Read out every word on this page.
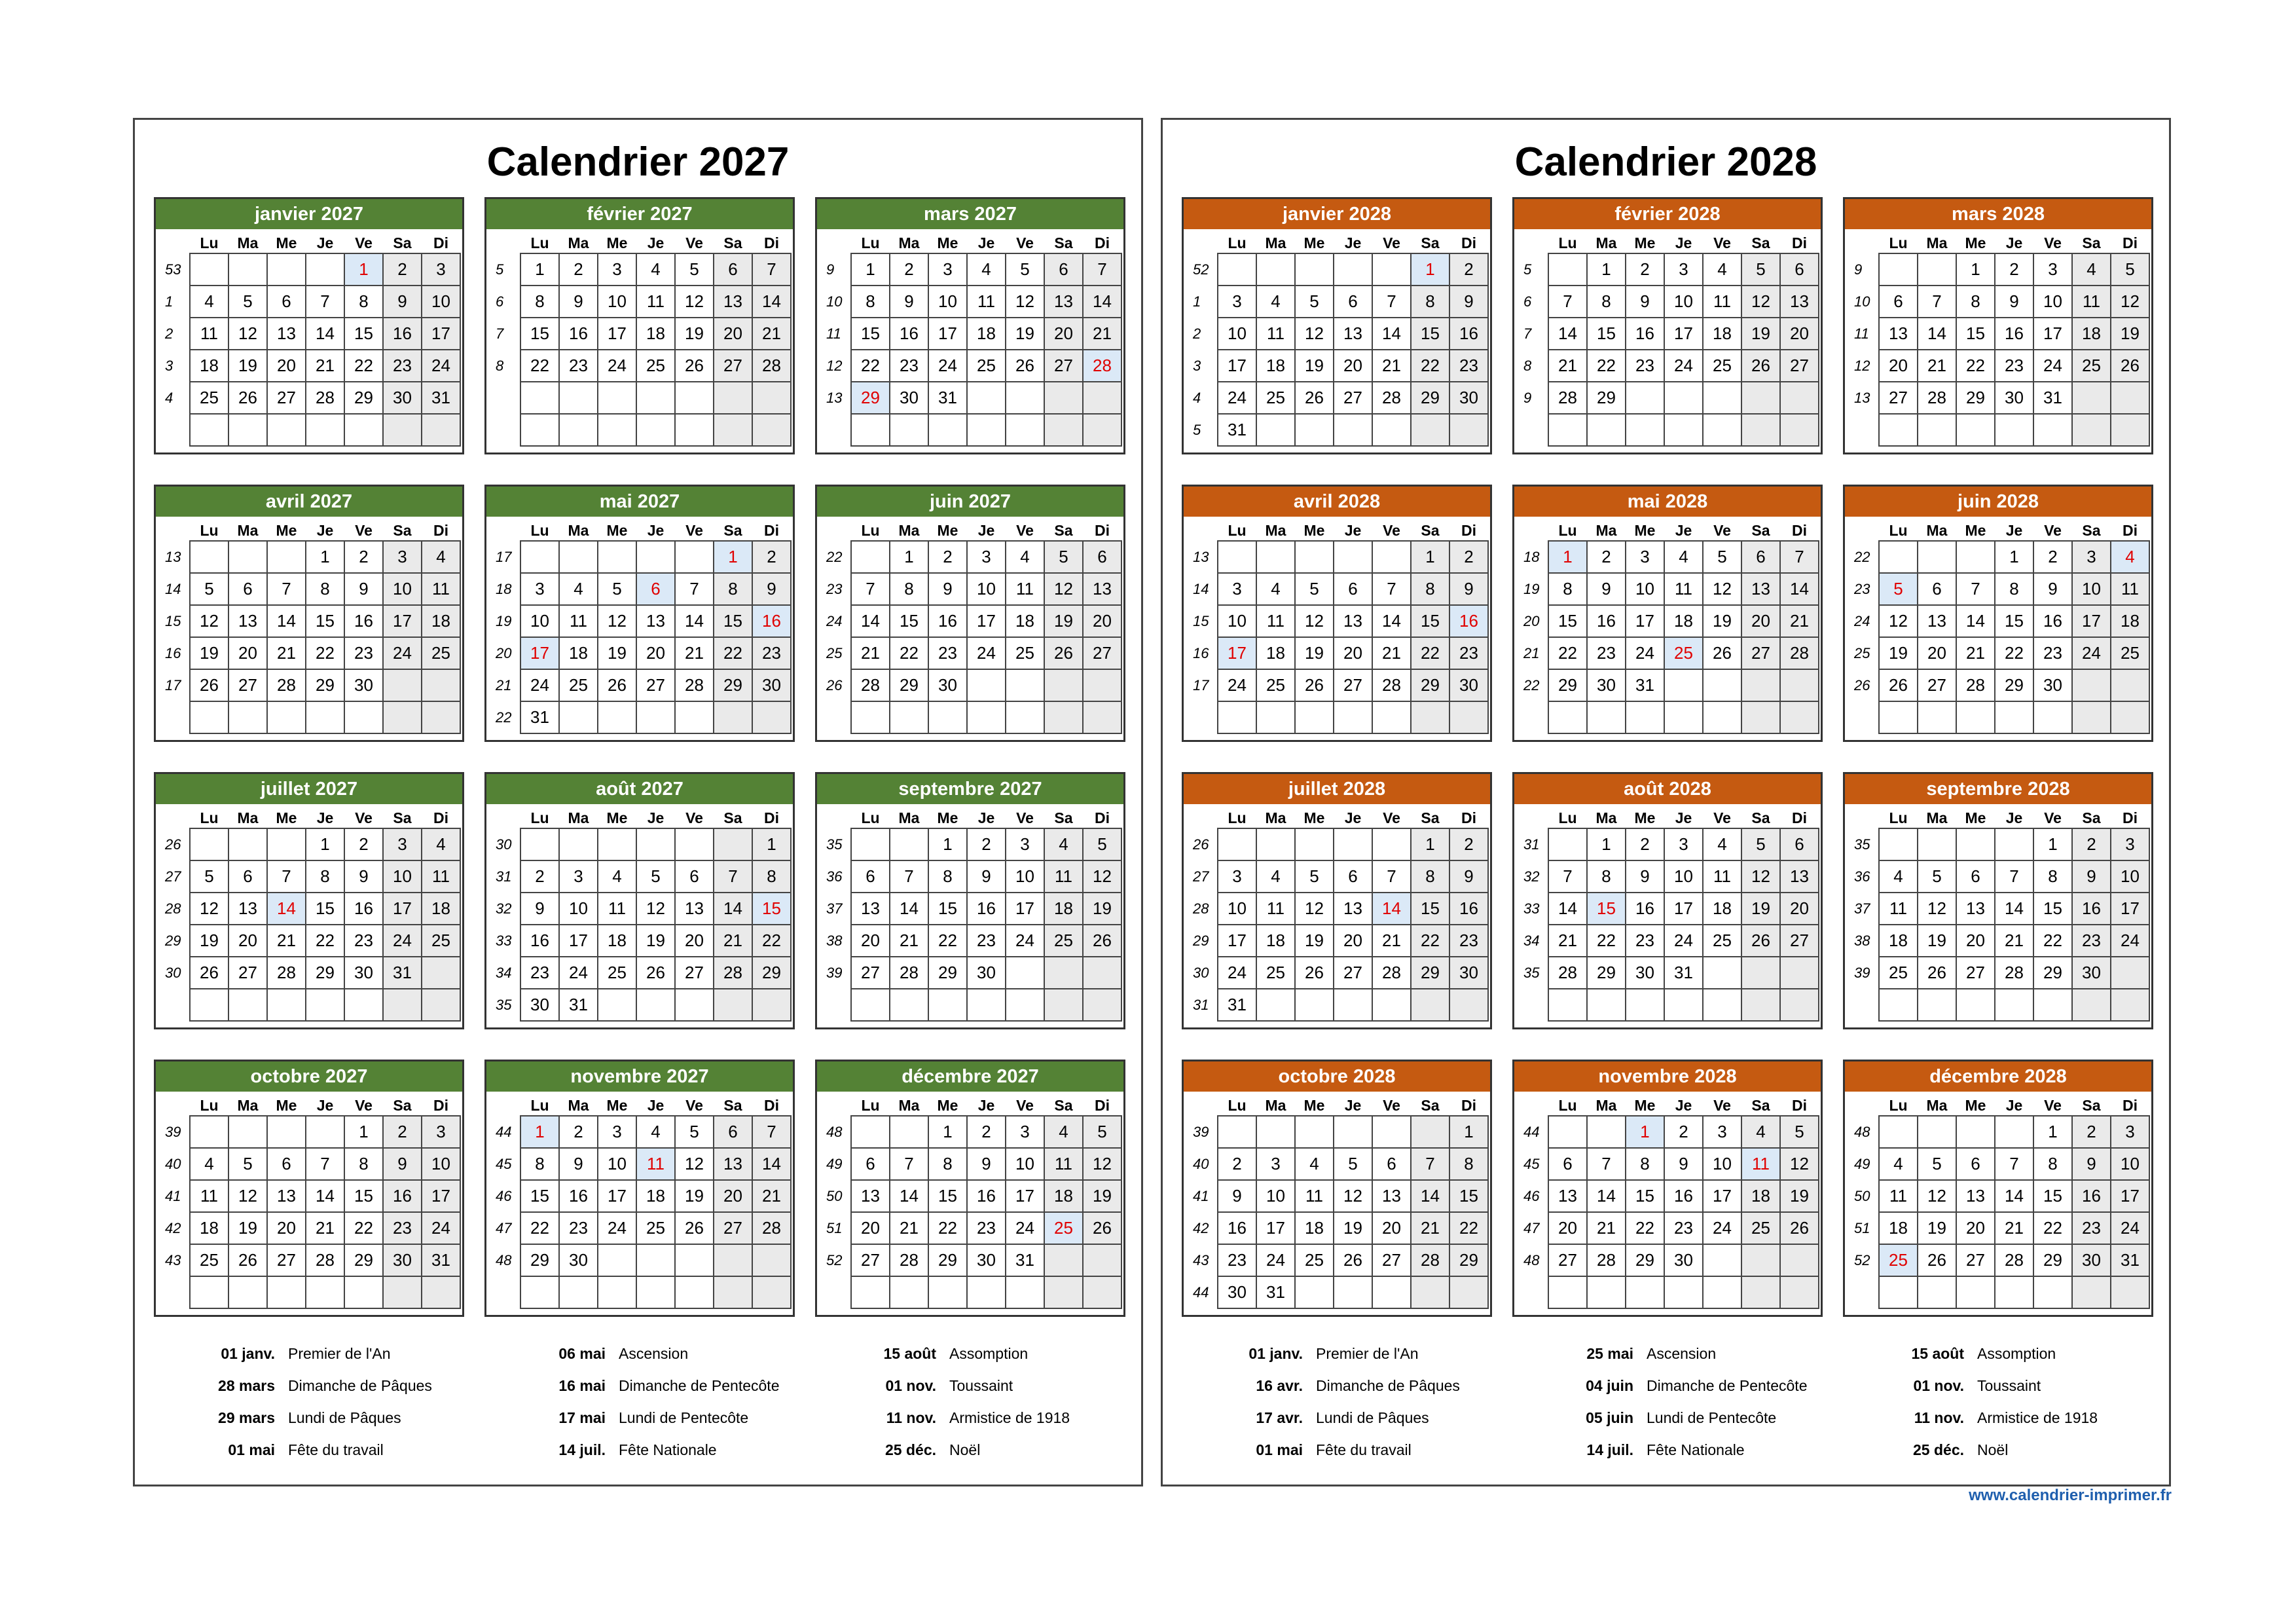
Calendrier 2027
janvier 2027
	Lu	Ma	Me	Je	Ve	Sa	Di
53					1	2	3
1	4	5	6	7	8	9	10
2	11	12	13	14	15	16	17
3	18	19	20	21	22	23	24
4	25	26	27	28	29	30	31

février 2027
	Lu	Ma	Me	Je	Ve	Sa	Di
5	1	2	3	4	5	6	7
6	8	9	10	11	12	13	14
7	15	16	17	18	19	20	21
8	22	23	24	25	26	27	28

mars 2027
	Lu	Ma	Me	Je	Ve	Sa	Di
9	1	2	3	4	5	6	7
10	8	9	10	11	12	13	14
11	15	16	17	18	19	20	21
12	22	23	24	25	26	27	28
13	29	30	31				

avril 2027
	Lu	Ma	Me	Je	Ve	Sa	Di
13				1	2	3	4
14	5	6	7	8	9	10	11
15	12	13	14	15	16	17	18
16	19	20	21	22	23	24	25
17	26	27	28	29	30		

mai 2027
	Lu	Ma	Me	Je	Ve	Sa	Di
17						1	2
18	3	4	5	6	7	8	9
19	10	11	12	13	14	15	16
20	17	18	19	20	21	22	23
21	24	25	26	27	28	29	30
22	31						
juin 2027
	Lu	Ma	Me	Je	Ve	Sa	Di
22		1	2	3	4	5	6
23	7	8	9	10	11	12	13
24	14	15	16	17	18	19	20
25	21	22	23	24	25	26	27
26	28	29	30				

juillet 2027
	Lu	Ma	Me	Je	Ve	Sa	Di
26				1	2	3	4
27	5	6	7	8	9	10	11
28	12	13	14	15	16	17	18
29	19	20	21	22	23	24	25
30	26	27	28	29	30	31	

août 2027
	Lu	Ma	Me	Je	Ve	Sa	Di
30							1
31	2	3	4	5	6	7	8
32	9	10	11	12	13	14	15
33	16	17	18	19	20	21	22
34	23	24	25	26	27	28	29
35	30	31					
septembre 2027
	Lu	Ma	Me	Je	Ve	Sa	Di
35			1	2	3	4	5
36	6	7	8	9	10	11	12
37	13	14	15	16	17	18	19
38	20	21	22	23	24	25	26
39	27	28	29	30			

octobre 2027
	Lu	Ma	Me	Je	Ve	Sa	Di
39					1	2	3
40	4	5	6	7	8	9	10
41	11	12	13	14	15	16	17
42	18	19	20	21	22	23	24
43	25	26	27	28	29	30	31

novembre 2027
	Lu	Ma	Me	Je	Ve	Sa	Di
44	1	2	3	4	5	6	7
45	8	9	10	11	12	13	14
46	15	16	17	18	19	20	21
47	22	23	24	25	26	27	28
48	29	30					

décembre 2027
	Lu	Ma	Me	Je	Ve	Sa	Di
48			1	2	3	4	5
49	6	7	8	9	10	11	12
50	13	14	15	16	17	18	19
51	20	21	22	23	24	25	26
52	27	28	29	30	31		

01 janv. Premier de l'An
28 mars Dimanche de Pâques
29 mars Lundi de Pâques
01 mai Fête du travail
06 mai Ascension
16 mai Dimanche de Pentecôte
17 mai Lundi de Pentecôte
14 juil. Fête Nationale
15 août Assomption
01 nov. Toussaint
11 nov. Armistice de 1918
25 déc. Noël
Calendrier 2028
janvier 2028
	Lu	Ma	Me	Je	Ve	Sa	Di
52						1	2
1	3	4	5	6	7	8	9
2	10	11	12	13	14	15	16
3	17	18	19	20	21	22	23
4	24	25	26	27	28	29	30
5	31						
février 2028
	Lu	Ma	Me	Je	Ve	Sa	Di
5		1	2	3	4	5	6
6	7	8	9	10	11	12	13
7	14	15	16	17	18	19	20
8	21	22	23	24	25	26	27
9	28	29					

mars 2028
	Lu	Ma	Me	Je	Ve	Sa	Di
9			1	2	3	4	5
10	6	7	8	9	10	11	12
11	13	14	15	16	17	18	19
12	20	21	22	23	24	25	26
13	27	28	29	30	31		

avril 2028
	Lu	Ma	Me	Je	Ve	Sa	Di
13						1	2
14	3	4	5	6	7	8	9
15	10	11	12	13	14	15	16
16	17	18	19	20	21	22	23
17	24	25	26	27	28	29	30

mai 2028
	Lu	Ma	Me	Je	Ve	Sa	Di
18	1	2	3	4	5	6	7
19	8	9	10	11	12	13	14
20	15	16	17	18	19	20	21
21	22	23	24	25	26	27	28
22	29	30	31				

juin 2028
	Lu	Ma	Me	Je	Ve	Sa	Di
22				1	2	3	4
23	5	6	7	8	9	10	11
24	12	13	14	15	16	17	18
25	19	20	21	22	23	24	25
26	26	27	28	29	30		

juillet 2028
	Lu	Ma	Me	Je	Ve	Sa	Di
26						1	2
27	3	4	5	6	7	8	9
28	10	11	12	13	14	15	16
29	17	18	19	20	21	22	23
30	24	25	26	27	28	29	30
31	31						
août 2028
	Lu	Ma	Me	Je	Ve	Sa	Di
31		1	2	3	4	5	6
32	7	8	9	10	11	12	13
33	14	15	16	17	18	19	20
34	21	22	23	24	25	26	27
35	28	29	30	31			

septembre 2028
	Lu	Ma	Me	Je	Ve	Sa	Di
35					1	2	3
36	4	5	6	7	8	9	10
37	11	12	13	14	15	16	17
38	18	19	20	21	22	23	24
39	25	26	27	28	29	30	

octobre 2028
	Lu	Ma	Me	Je	Ve	Sa	Di
39							1
40	2	3	4	5	6	7	8
41	9	10	11	12	13	14	15
42	16	17	18	19	20	21	22
43	23	24	25	26	27	28	29
44	30	31					
novembre 2028
	Lu	Ma	Me	Je	Ve	Sa	Di
44			1	2	3	4	5
45	6	7	8	9	10	11	12
46	13	14	15	16	17	18	19
47	20	21	22	23	24	25	26
48	27	28	29	30			

décembre 2028
	Lu	Ma	Me	Je	Ve	Sa	Di
48					1	2	3
49	4	5	6	7	8	9	10
50	11	12	13	14	15	16	17
51	18	19	20	21	22	23	24
52	25	26	27	28	29	30	31

01 janv. Premier de l'An
16 avr. Dimanche de Pâques
17 avr. Lundi de Pâques
01 mai Fête du travail
25 mai Ascension
04 juin Dimanche de Pentecôte
05 juin Lundi de Pentecôte
14 juil. Fête Nationale
15 août Assomption
01 nov. Toussaint
11 nov. Armistice de 1918
25 déc. Noël
www.calendrier-imprimer.fr
